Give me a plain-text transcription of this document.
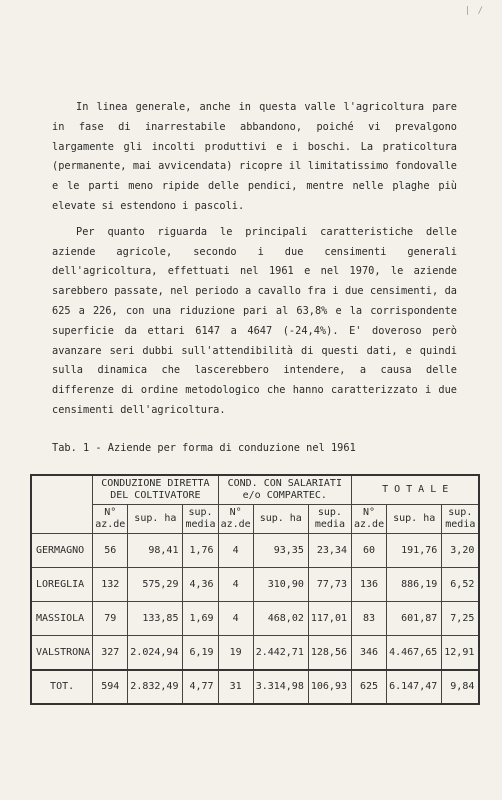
| /

In linea generale, anche in questa valle l'agricoltura pare in fase di inarrestabile abbandono, poiché vi prevalgono largamente gli incolti produttivi e i boschi. La praticoltura (permanente, mai avvicendata) ricopre il limitatissimo fondovalle e le parti meno ripide delle pendici, mentre nelle plaghe più elevate si estendono i pascoli.

Per quanto riguarda le principali caratteristiche delle aziende agricole, secondo i due censimenti generali dell'agricoltura, effettuati nel 1961 e nel 1970, le aziende sarebbero passate, nel periodo a cavallo fra i due censimenti, da 625 a 226, con una riduzione pari al 63,8% e la corrispondente superficie da ettari 6147 a 4647 (-24,4%). E' doveroso però avanzare seri dubbi sull'attendibilità di questi dati, e quindi sulla dinamica che lascerebbero intendere, a causa delle differenze di ordine metodologico che hanno caratterizzato i due censimenti dell'agricoltura.

Tab. 1 - Aziende per forma di conduzione nel 1961
	CONDUZIONE DIRETTA DEL COLTIVATORE			COND. CON SALARIATI e/o COMPARTEC.			T O T A L E		
	N° az.de	sup. ha	sup. media	N° az.de	sup. ha	sup. media	N° az.de	sup. ha	sup. media
GERMAGNO	56	98,41	1,76	4	93,35	23,34	60	191,76	3,20
LOREGLIA	132	575,29	4,36	4	310,90	77,73	136	886,19	6,52
MASSIOLA	79	133,85	1,69	4	468,02	117,01	83	601,87	7,25
VALSTRONA	327	2.024,94	6,19	19	2.442,71	128,56	346	4.467,65	12,91
TOT.	594	2.832,49	4,77	31	3.314,98	106,93	625	6.147,47	9,84
